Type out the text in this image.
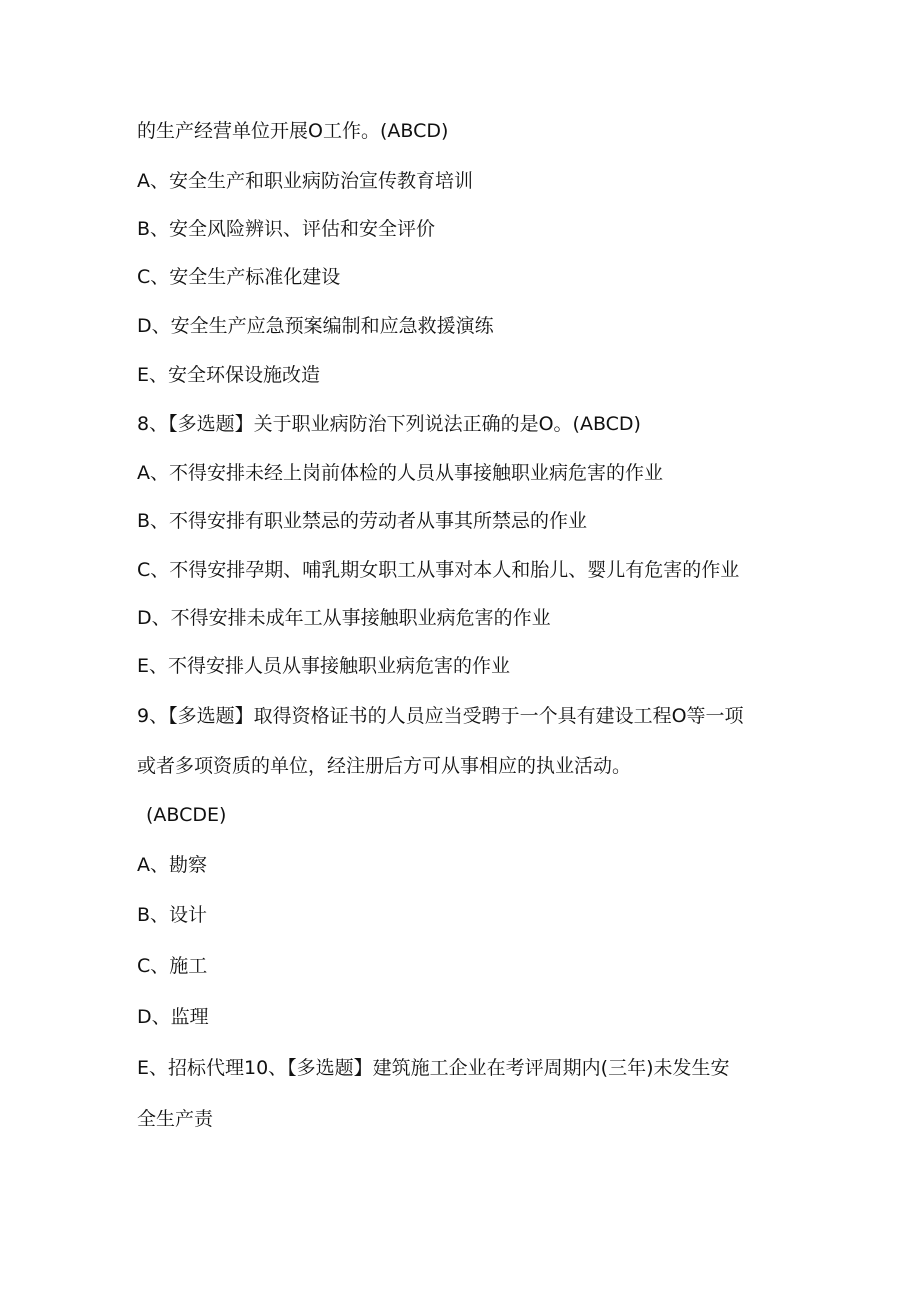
的生产经营单位开展O工作。(ABCD)

A、安全生产和职业病防治宣传教育培训

B、安全风险辨识、评估和安全评价

C、安全生产标准化建设

D、安全生产应急预案编制和应急救援演练

E、安全环保设施改造

8、【多选题】关于职业病防治下列说法正确的是O。(ABCD)

A、不得安排未经上岗前体检的人员从事接触职业病危害的作业

B、不得安排有职业禁忌的劳动者从事其所禁忌的作业

C、不得安排孕期、哺乳期女职工从事对本人和胎儿、婴儿有危害的作业

D、不得安排未成年工从事接触职业病危害的作业

E、不得安排人员从事接触职业病危害的作业

9、【多选题】取得资格证书的人员应当受聘于一个具有建设工程O等一项

或者多项资质的单位，经注册后方可从事相应的执业活动。

(ABCDE)

A、勘察

B、设计

C、施工

D、监理

E、招标代理10、【多选题】建筑施工企业在考评周期内(三年)未发生安

全生产责
